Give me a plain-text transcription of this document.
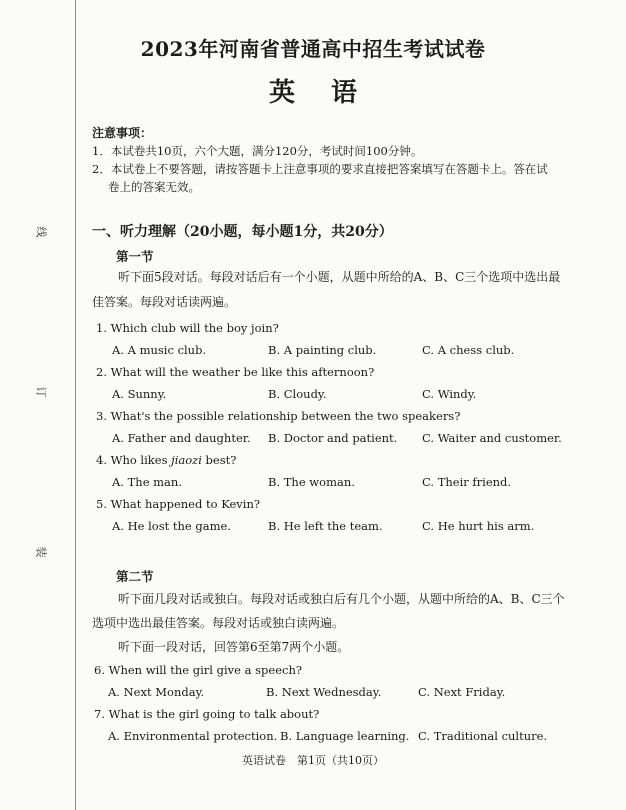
线
订
装
2023年河南省普通高中招生考试试卷
英语
注意事项：
1．本试卷共10页，六个大题，满分120分，考试时间100分钟。
2．本试卷上不要答题，请按答题卡上注意事项的要求直接把答案填写在答题卡上。答在试
卷上的答案无效。
一、听力理解（20小题，每小题1分，共20分）
第一节
听下面5段对话。每段对话后有一个小题，从题中所给的A、B、C三个选项中选出最
佳答案。每段对话读两遍。
1. Which club will the boy join?
A. A music club.	B. A painting club.	C. A chess club.
2. What will the weather be like this afternoon?
A. Sunny.	B. Cloudy.	C. Windy.
3. What's the possible relationship between the two speakers?
A. Father and daughter. B. Doctor and patient. C. Waiter and customer.
4. Who likes jiaozi best?
A. The man.	B. The woman.	C. Their friend.
5. What happened to Kevin?
A. He lost the game.	B. He left the team.	C. He hurt his arm.
第二节
听下面几段对话或独白。每段对话或独白后有几个小题，从题中所给的A、B、C三个
选项中选出最佳答案。每段对话或独白读两遍。
听下面一段对话，回答第6至第7两个小题。
6. When will the girl give a speech?
A. Next Monday.	B. Next Wednesday.	C. Next Friday.
7. What is the girl going to talk about?
A. Environmental protection. B. Language learning. C. Traditional culture.
英语试卷　第1页（共10页）
